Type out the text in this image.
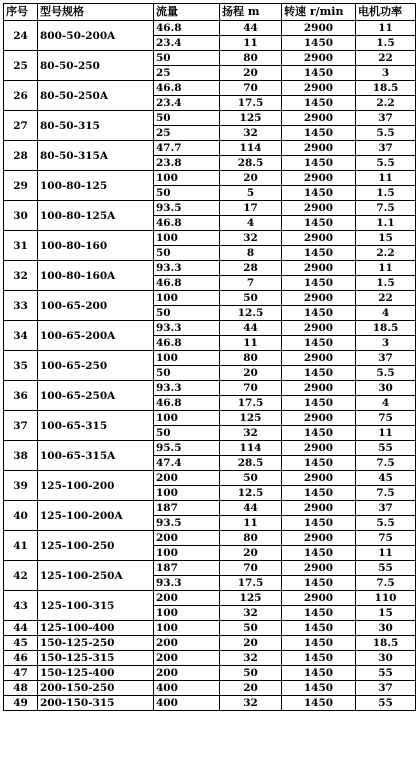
序号	型号规格	流量	扬程 m	转速 r/min	电机功率
24	800-50-200A	46.8	44	2900	11
		23.4	11	1450	1.5
25	80-50-250	50	80	2900	22
		25	20	1450	3
26	80-50-250A	46.8	70	2900	18.5
		23.4	17.5	1450	2.2
27	80-50-315	50	125	2900	37
		25	32	1450	5.5
28	80-50-315A	47.7	114	2900	37
		23.8	28.5	1450	5.5
29	100-80-125	100	20	2900	11
		50	5	1450	1.5
30	100-80-125A	93.5	17	2900	7.5
		46.8	4	1450	1.1
31	100-80-160	100	32	2900	15
		50	8	1450	2.2
32	100-80-160A	93.3	28	2900	11
		46.8	7	1450	1.5
33	100-65-200	100	50	2900	22
		50	12.5	1450	4
34	100-65-200A	93.3	44	2900	18.5
		46.8	11	1450	3
35	100-65-250	100	80	2900	37
		50	20	1450	5.5
36	100-65-250A	93.3	70	2900	30
		46.8	17.5	1450	4
37	100-65-315	100	125	2900	75
		50	32	1450	11
38	100-65-315A	95.5	114	2900	55
		47.4	28.5	1450	7.5
39	125-100-200	200	50	2900	45
		100	12.5	1450	7.5
40	125-100-200A	187	44	2900	37
		93.5	11	1450	5.5
41	125-100-250	200	80	2900	75
		100	20	1450	11
42	125-100-250A	187	70	2900	55
		93.3	17.5	1450	7.5
43	125-100-315	200	125	2900	110
		100	32	1450	15
44	125-100-400	100	50	1450	30
45	150-125-250	200	20	1450	18.5
46	150-125-315	200	32	1450	30
47	150-125-400	200	50	1450	55
48	200-150-250	400	20	1450	37
49	200-150-315	400	32	1450	55
